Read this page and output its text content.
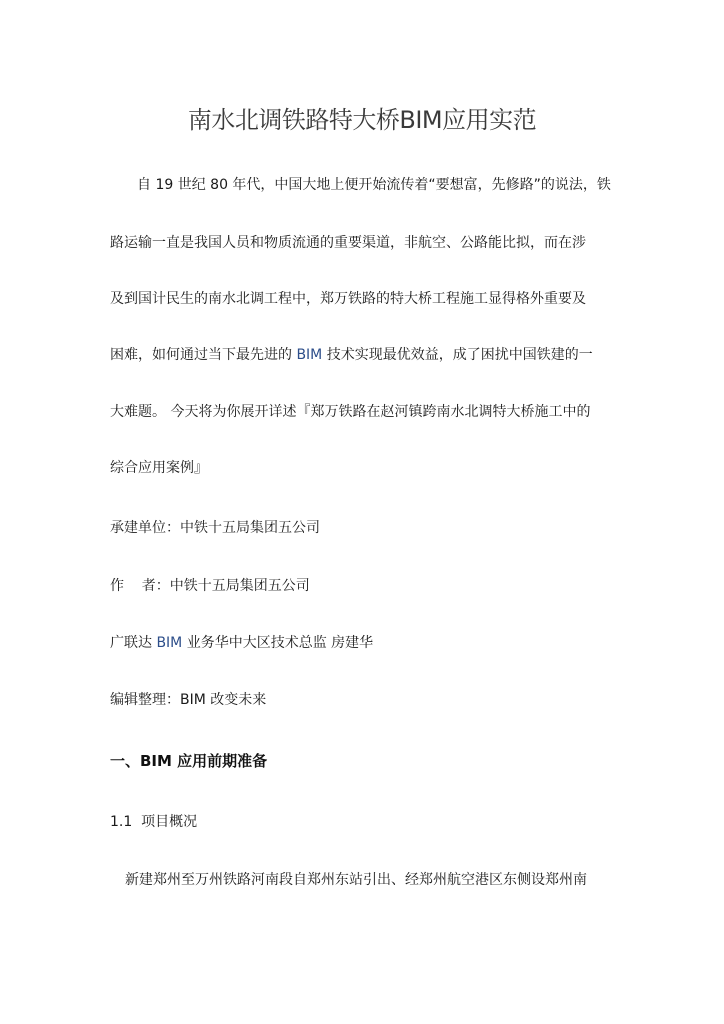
南水北调铁路特大桥BIM应用实范
自 19 世纪 80 年代，中国大地上便开始流传着“要想富，先修路”的说法，铁
路运输一直是我国人员和物质流通的重要渠道，非航空、公路能比拟，而在涉
及到国计民生的南水北调工程中，郑万铁路的特大桥工程施工显得格外重要及
困难，如何通过当下最先进的 BIM 技术实现最优效益，成了困扰中国铁建的一
大难题。 今天将为你展开详述『郑万铁路在赵河镇跨南水北调特大桥施工中的
综合应用案例』
承建单位：中铁十五局集团五公司
作    者：中铁十五局集团五公司
广联达 BIM 业务华中大区技术总监 房建华
编辑整理：BIM 改变未来
一、BIM 应用前期准备
1.1  项目概况
新建郑州至万州铁路河南段自郑州东站引出、经郑州航空港区东侧设郑州南
